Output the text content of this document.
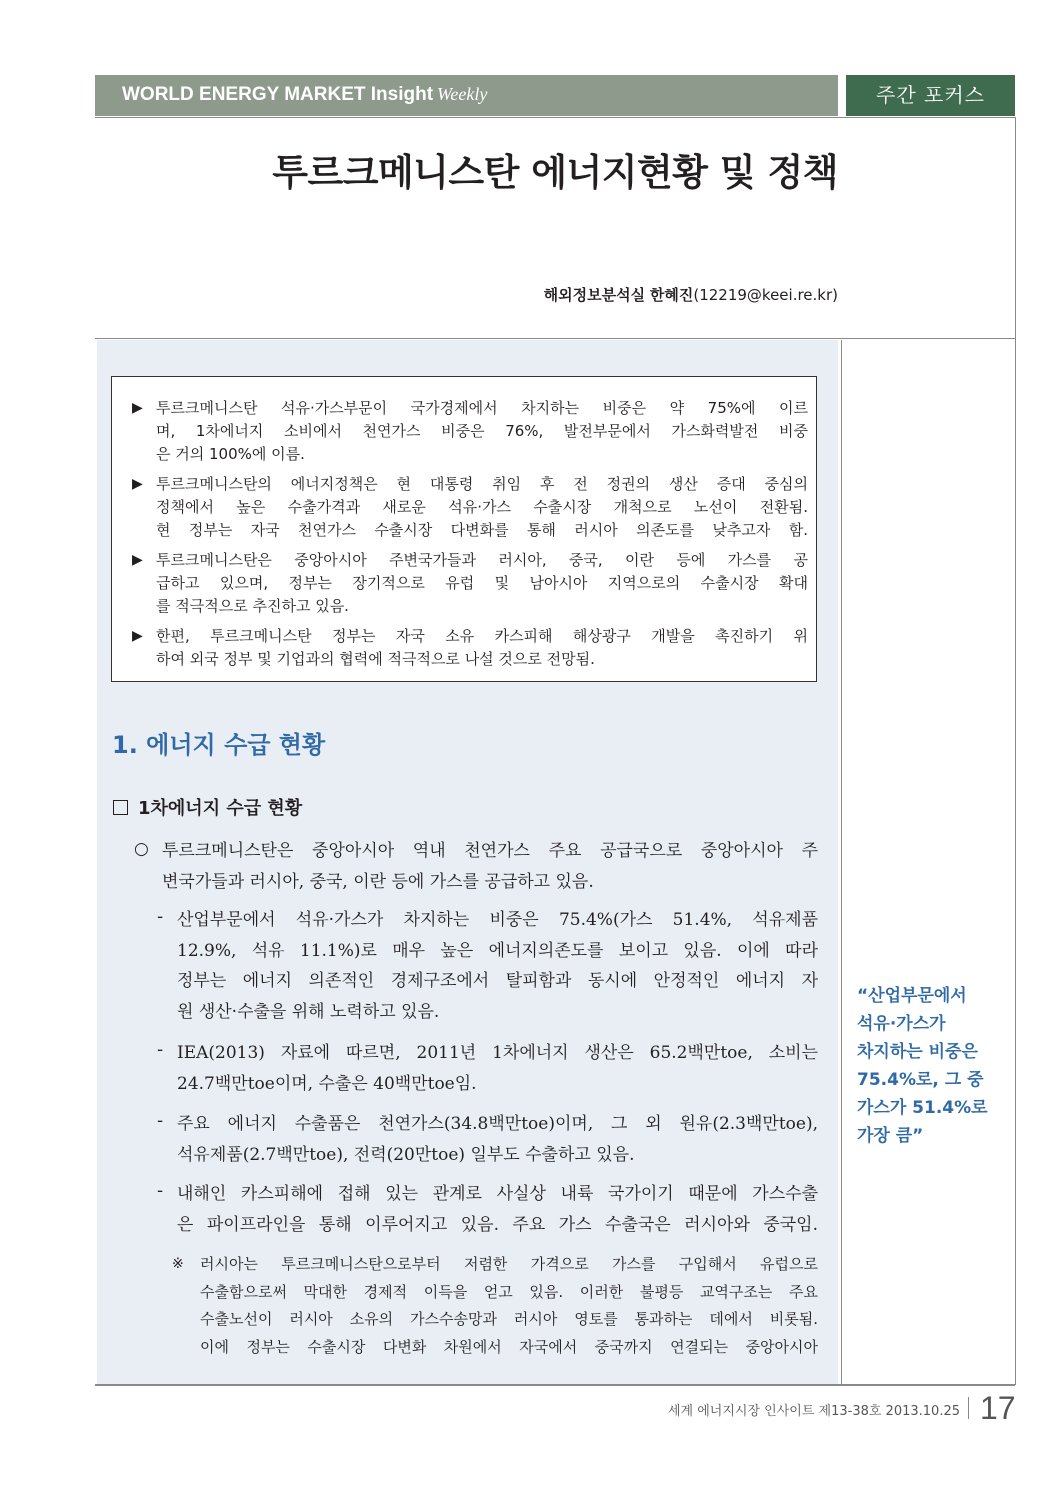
WORLD ENERGY MARKET Insight Weekly	주간 포커스
투르크메니스탄 에너지현황 및 정책
해외정보분석실 한혜진(12219@keei.re.kr)
▶ 투르크메니스탄 석유·가스부문이 국가경제에서 차지하는 비중은 약 75%에 이르
며, 1차에너지 소비에서 천연가스 비중은 76%, 발전부문에서 가스화력발전 비중
은 거의 100%에 이름.
▶ 투르크메니스탄의 에너지정책은 현 대통령 취임 후 전 정권의 생산 증대 중심의
정책에서 높은 수출가격과 새로운 석유·가스 수출시장 개척으로 노선이 전환됨.
현 정부는 자국 천연가스 수출시장 다변화를 통해 러시아 의존도를 낮추고자 함.
▶ 투르크메니스탄은 중앙아시아 주변국가들과 러시아, 중국, 이란 등에 가스를 공
급하고 있으며, 정부는 장기적으로 유럽 및 남아시아 지역으로의 수출시장 확대
를 적극적으로 추진하고 있음.
▶ 한편, 투르크메니스탄 정부는 자국 소유 카스피해 해상광구 개발을 촉진하기 위
하여 외국 정부 및 기업과의 협력에 적극적으로 나설 것으로 전망됨.
1. 에너지 수급 현황
1차에너지 수급 현황
○ 투르크메니스탄은 중앙아시아 역내 천연가스 주요 공급국으로 중앙아시아 주
변국가들과 러시아, 중국, 이란 등에 가스를 공급하고 있음.
- 산업부문에서 석유·가스가 차지하는 비중은 75.4%(가스 51.4%, 석유제품
12.9%, 석유 11.1%)로 매우 높은 에너지의존도를 보이고 있음. 이에 따라
정부는 에너지 의존적인 경제구조에서 탈피함과 동시에 안정적인 에너지 자
원 생산·수출을 위해 노력하고 있음.
- IEA(2013) 자료에 따르면, 2011년 1차에너지 생산은 65.2백만toe, 소비는
24.7백만toe이며, 수출은 40백만toe임.
- 주요 에너지 수출품은 천연가스(34.8백만toe)이며, 그 외 원유(2.3백만toe),
석유제품(2.7백만toe), 전력(20만toe) 일부도 수출하고 있음.
- 내해인 카스피해에 접해 있는 관계로 사실상 내륙 국가이기 때문에 가스수출
은 파이프라인을 통해 이루어지고 있음. 주요 가스 수출국은 러시아와 중국임.
※ 러시아는 투르크메니스탄으로부터 저렴한 가격으로 가스를 구입해서 유럽으로
수출함으로써 막대한 경제적 이득을 얻고 있음. 이러한 불평등 교역구조는 주요
수출노선이 러시아 소유의 가스수송망과 러시아 영토를 통과하는 데에서 비롯됨.
이에 정부는 수출시장 다변화 차원에서 자국에서 중국까지 연결되는 중앙아시아
“산업부문에서
석유·가스가
차지하는 비중은
75.4%로, 그 중
가스가 51.4%로
가장 큼”
세계 에너지시장 인사이트 제13-38호 2013.10.25 17
